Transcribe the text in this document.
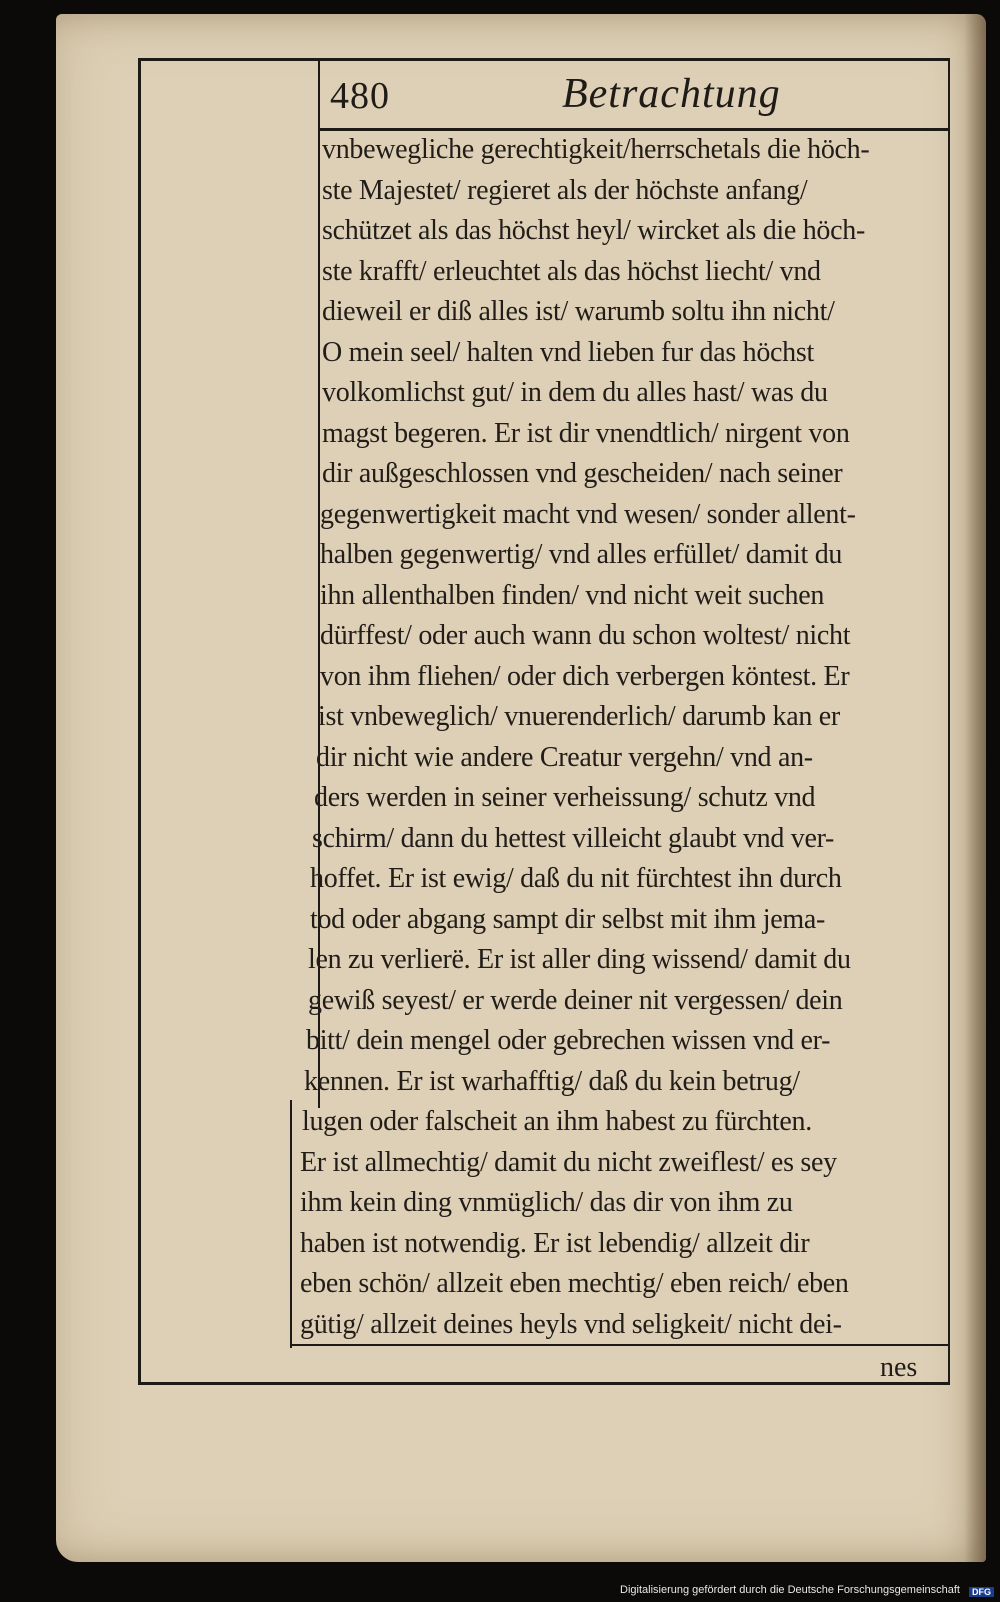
480	Betrachtung
vnbewegliche gerechtigkeit/herrschetals die höch-
ste Majestet/ regieret als der höchste anfang/
schützet als das höchst heyl/ wircket als die höch-
ste krafft/ erleuchtet als das höchst liecht/ vnd
dieweil er diß alles ist/ warumb soltu ihn nicht/
O mein seel/ halten vnd lieben fur das höchst
volkomlichst gut/ in dem du alles hast/ was du
magst begeren. Er ist dir vnendtlich/ nirgent von
dir außgeschlossen vnd gescheiden/ nach seiner
gegenwertigkeit macht vnd wesen/ sonder allent-
halben gegenwertig/ vnd alles erfüllet/ damit du
ihn allenthalben finden/ vnd nicht weit suchen
dürffest/ oder auch wann du schon woltest/ nicht
von ihm fliehen/ oder dich verbergen köntest. Er
ist vnbeweglich/ vnuerenderlich/ darumb kan er
dir nicht wie andere Creatur vergehn/ vnd an-
ders werden in seiner verheissung/ schutz vnd
schirm/ dann du hettest villeicht glaubt vnd ver-
hoffet. Er ist ewig/ daß du nit fürchtest ihn durch
tod oder abgang sampt dir selbst mit ihm jema-
len zu verlierë. Er ist aller ding wissend/ damit du
gewiß seyest/ er werde deiner nit vergessen/ dein
bitt/ dein mengel oder gebrechen wissen vnd er-
kennen. Er ist warhafftig/ daß du kein betrug/
lugen oder falscheit an ihm habest zu fürchten.
Er ist allmechtig/ damit du nicht zweiflest/ es sey
ihm kein ding vnmüglich/ das dir von ihm zu
haben ist notwendig. Er ist lebendig/ allzeit dir
eben schön/ allzeit eben mechtig/ eben reich/ eben
gütig/ allzeit deines heyls vnd seligkeit/ nicht dei-
nes
Digitalisierung gefördert durch die Deutsche Forschungsgemeinschaft	DFG
